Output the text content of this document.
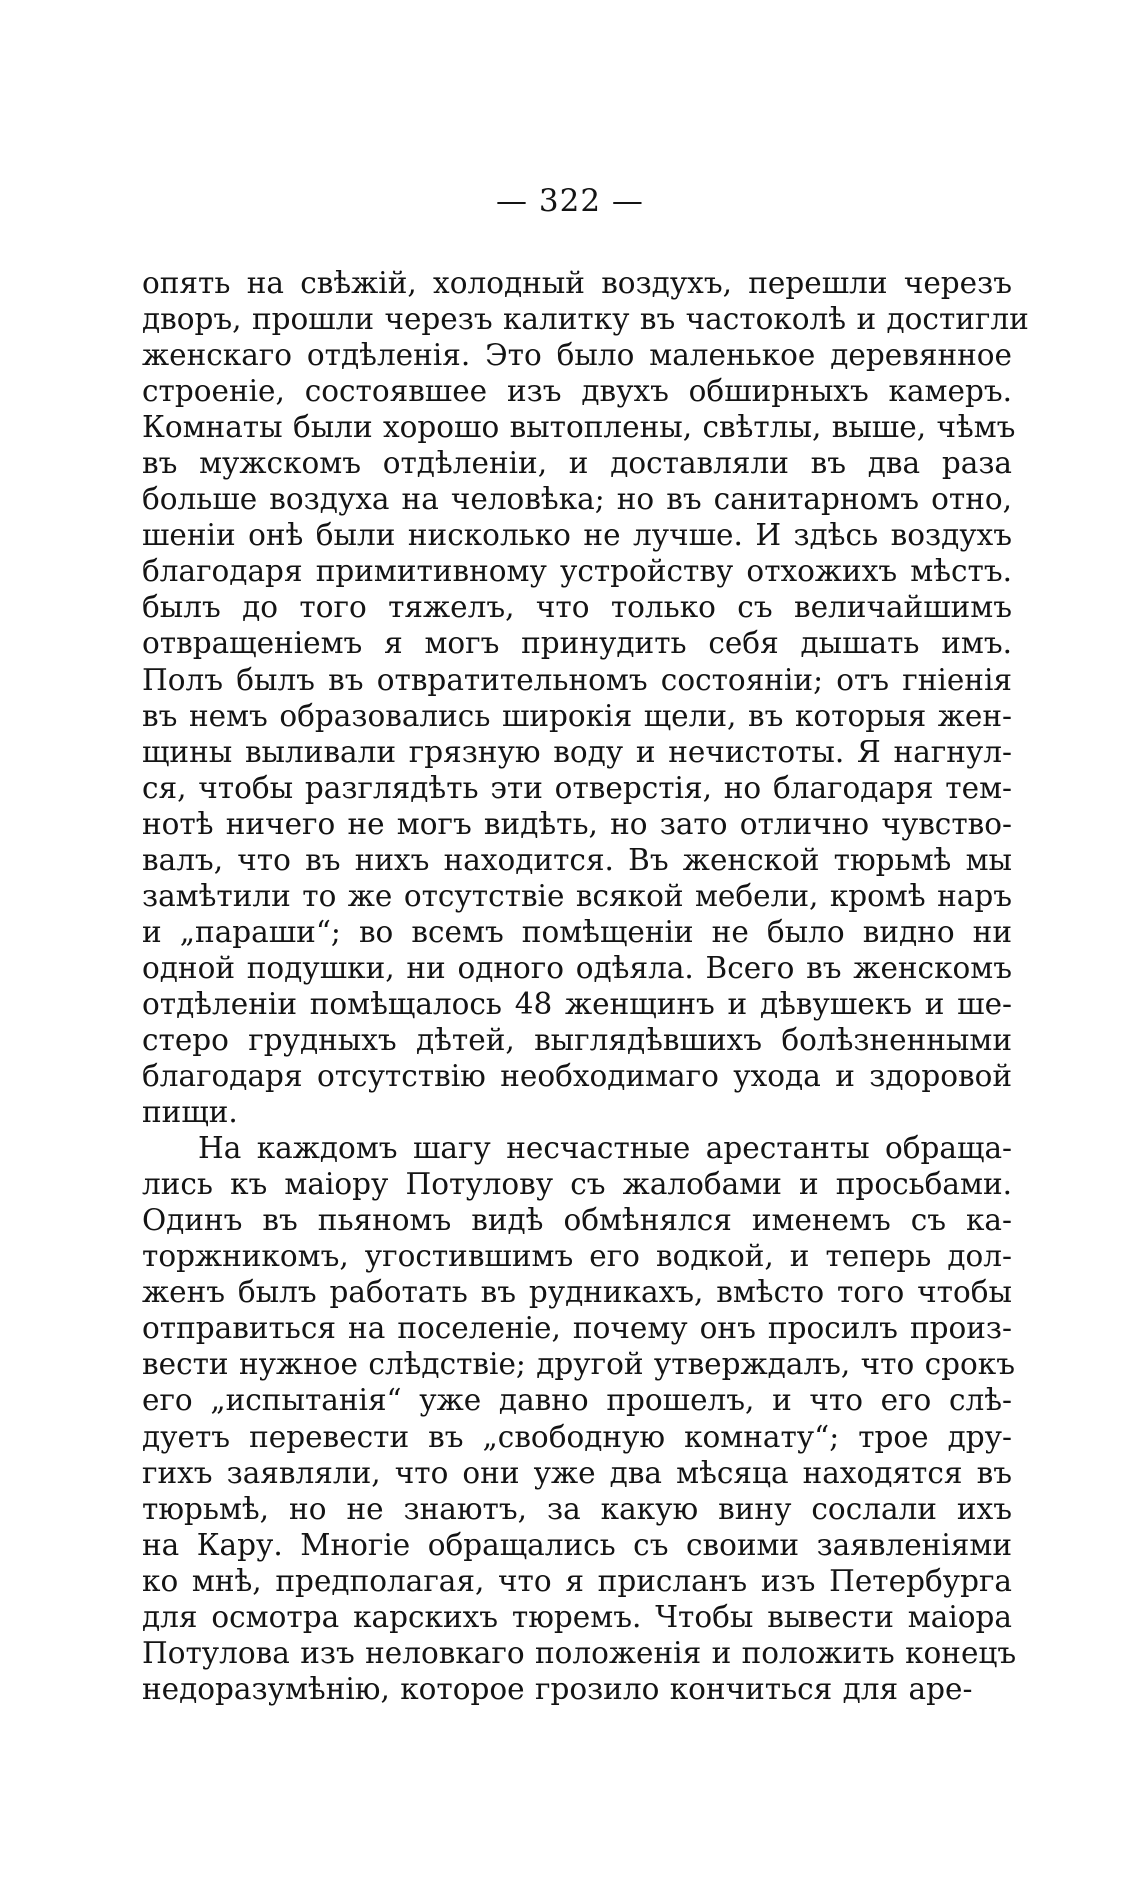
— 322 —
опять на свѣжій, холодный воздухъ, перешли черезъ
дворъ, прошли черезъ калитку въ частоколѣ и достигли
женскаго отдѣленія. Это было маленькое деревянное
строеніе, состоявшее изъ двухъ обширныхъ камеръ.
Комнаты были хорошо вытоплены, свѣтлы, выше, чѣмъ
въ мужскомъ отдѣленіи, и доставляли въ два раза
больше воздуха на человѣка; но въ санитарномъ отно,
шеніи онѣ были нисколько не лучше. И здѣсь воздухъ
благодаря примитивному устройству отхожихъ мѣстъ.
былъ до того тяжелъ, что только съ величайшимъ
отвращеніемъ я могъ принудить себя дышать имъ.
Полъ былъ въ отвратительномъ состояніи; отъ гніенія
въ немъ образовались широкія щели, въ которыя жен-
щины выливали грязную воду и нечистоты. Я нагнул-
ся, чтобы разглядѣть эти отверстія, но благодаря тем-
нотѣ ничего не могъ видѣть, но зато отлично чувство-
валъ, что въ нихъ находится. Въ женской тюрьмѣ мы
замѣтили то же отсутствіе всякой мебели, кромѣ наръ
и „параши“; во всемъ помѣщеніи не было видно ни
одной подушки, ни одного одѣяла. Всего въ женскомъ
отдѣленіи помѣщалось 48 женщинъ и дѣвушекъ и ше-
стеро грудныхъ дѣтей, выглядѣвшихъ болѣзненными
благодаря отсутствію необходимаго ухода и здоровой
пищи.
На каждомъ шагу несчастные арестанты обраща-
лись къ маіору Потулову съ жалобами и просьбами.
Одинъ въ пьяномъ видѣ обмѣнялся именемъ съ ка-
торжникомъ, угостившимъ его водкой, и теперь дол-
женъ былъ работать въ рудникахъ, вмѣсто того чтобы
отправиться на поселеніе, почему онъ просилъ произ-
вести нужное слѣдствіе; другой утверждалъ, что срокъ
его „испытанія“ уже давно прошелъ, и что его слѣ-
дуетъ перевести въ „свободную комнату“; трое дру-
гихъ заявляли, что они уже два мѣсяца находятся въ
тюрьмѣ, но не знаютъ, за какую вину сослали ихъ
на Кару. Многіе обращались съ своими заявленіями
ко мнѣ, предполагая, что я присланъ изъ Петербурга
для осмотра карскихъ тюремъ. Чтобы вывести маіора
Потулова изъ неловкаго положенія и положить конецъ
недоразумѣнію, которое грозило кончиться для аре-
